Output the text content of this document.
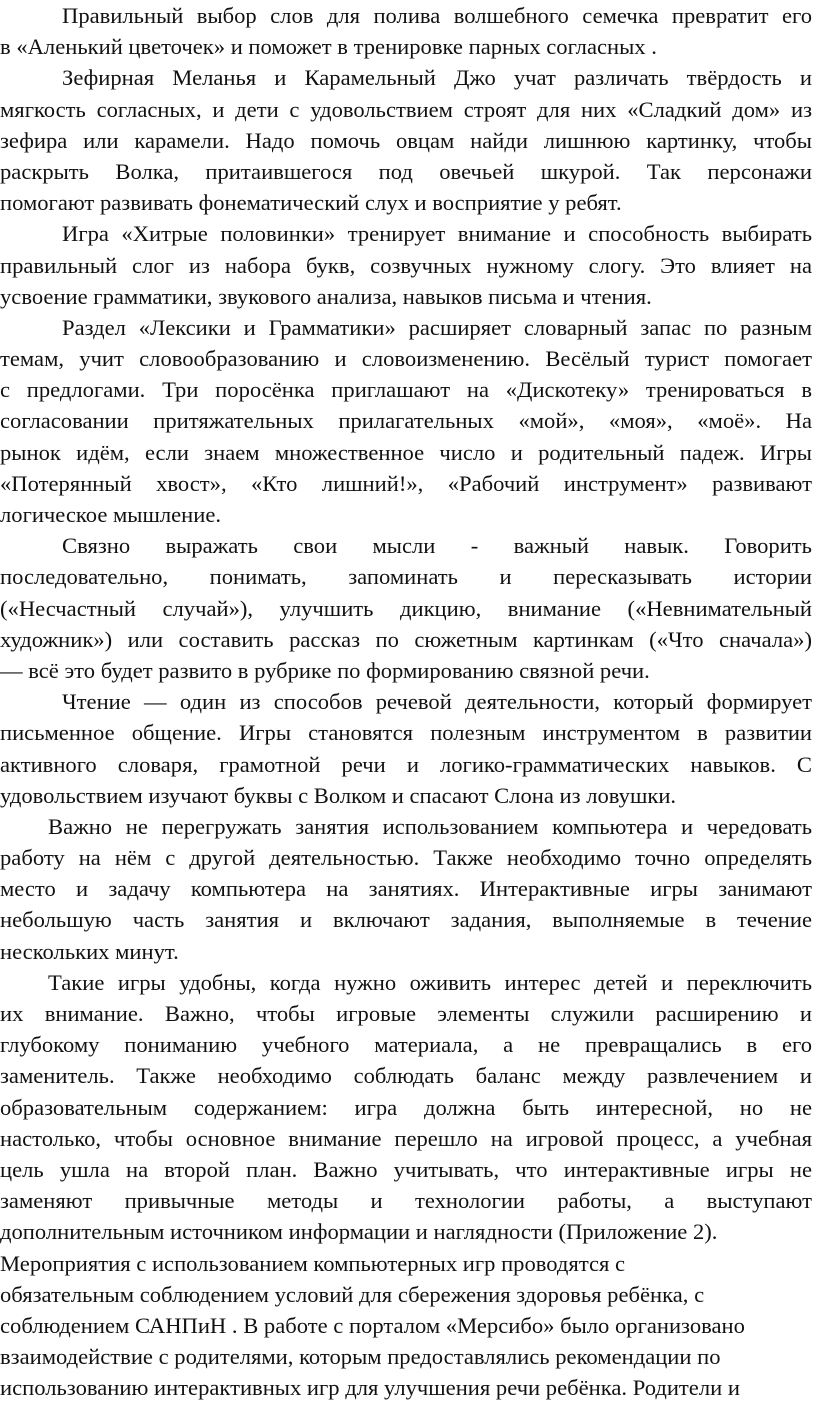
Правильный выбор слов для полива волшебного семечка превратит его
в «Аленький цветочек» и поможет в тренировке парных согласных .
Зефирная Меланья и Карамельный Джо учат различать твёрдость и
мягкость согласных, и дети с удовольствием строят для них «Сладкий дом» из
зефира или карамели. Надо помочь овцам найди лишнюю картинку, чтобы
раскрыть Волка, притаившегося под овечьей шкурой. Так персонажи
помогают развивать фонематический слух и восприятие у ребят.
Игра «Хитрые половинки» тренирует внимание и способность выбирать
правильный слог из набора букв, созвучных нужному слогу. Это влияет на
усвоение грамматики, звукового анализа, навыков письма и чтения.
Раздел «Лексики и Грамматики» расширяет словарный запас по разным
темам, учит словообразованию и словоизменению. Весёлый турист помогает
с предлогами. Три поросёнка приглашают на «Дискотеку» тренироваться в
согласовании притяжательных прилагательных «мой», «моя», «моё». На
рынок идём, если знаем множественное число и родительный падеж. Игры
«Потерянный хвост», «Кто лишний!», «Рабочий инструмент» развивают
логическое мышление.
Связно выражать свои мысли - важный навык. Говорить
последовательно, понимать, запоминать и пересказывать истории
(«Несчастный случай»), улучшить дикцию, внимание («Невнимательный
художник») или составить рассказ по сюжетным картинкам («Что сначала»)
— всё это будет развито в рубрике по формированию связной речи.
Чтение — один из способов речевой деятельности, который формирует
письменное общение. Игры становятся полезным инструментом в развитии
активного словаря, грамотной речи и логико-грамматических навыков. С
удовольствием изучают буквы с Волком и спасают Слона из ловушки.
Важно не перегружать занятия использованием компьютера и чередовать
работу на нём с другой деятельностью. Также необходимо точно определять
место и задачу компьютера на занятиях. Интерактивные игры занимают
небольшую часть занятия и включают задания, выполняемые в течение
нескольких минут.
Такие игры удобны, когда нужно оживить интерес детей и переключить
их внимание. Важно, чтобы игровые элементы служили расширению и
глубокому пониманию учебного материала, а не превращались в его
заменитель. Также необходимо соблюдать баланс между развлечением и
образовательным содержанием: игра должна быть интересной, но не
настолько, чтобы основное внимание перешло на игровой процесс, а учебная
цель ушла на второй план. Важно учитывать, что интерактивные игры не
заменяют привычные методы и технологии работы, а выступают
дополнительным источником информации и наглядности (Приложение 2).
Мероприятия с использованием компьютерных игр проводятся с
обязательным соблюдением условий для сбережения здоровья ребёнка, с
соблюдением САНПиН . В работе с порталом «Мерсибо» было организовано
взаимодействие с родителями, которым предоставлялись рекомендации по
использованию интерактивных игр для улучшения речи ребёнка. Родители и
